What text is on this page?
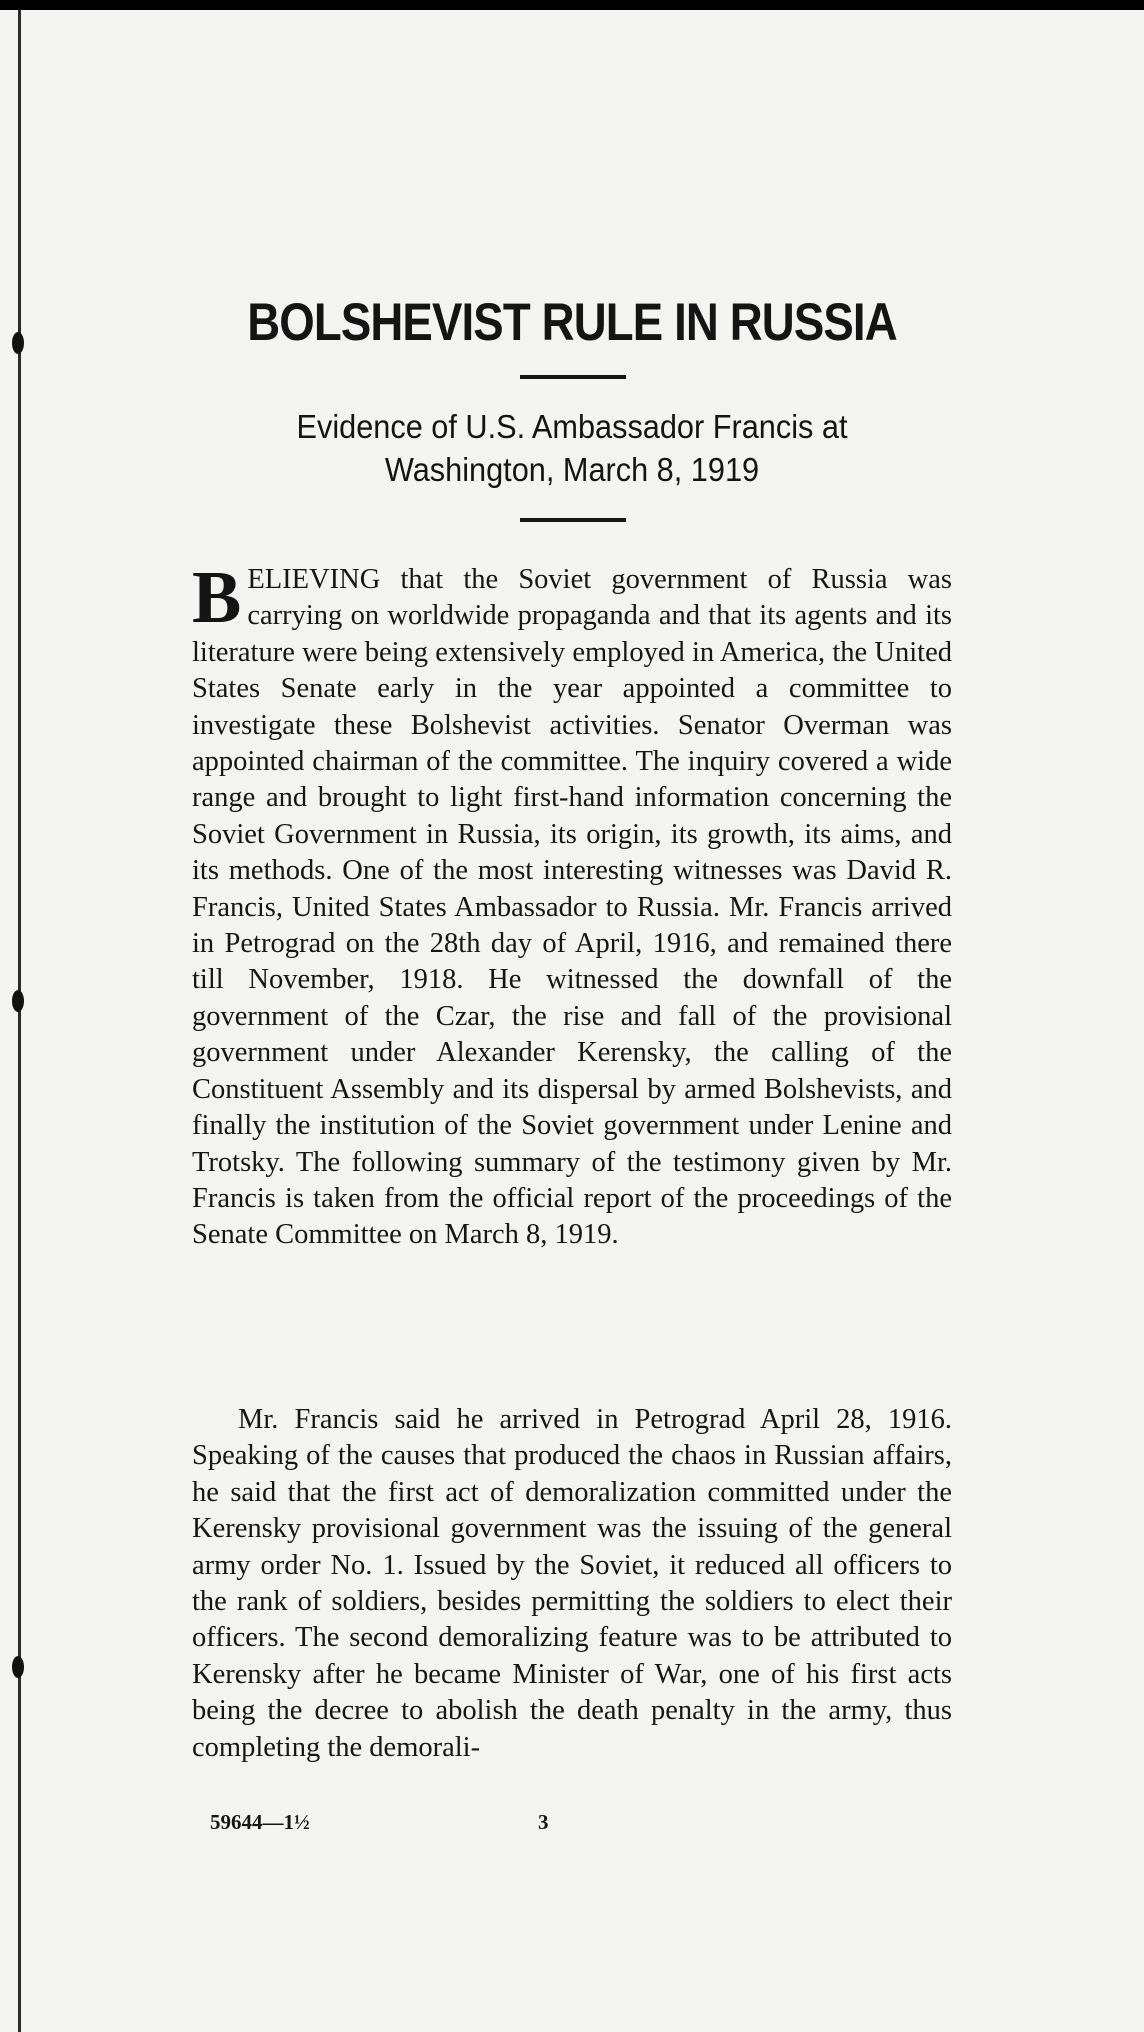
BOLSHEVIST RULE IN RUSSIA
Evidence of U.S. Ambassador Francis at
Washington, March 8, 1919

BELIEVING that the Soviet government of Russia was carrying on worldwide propaganda and that its agents and its literature were being extensively employed in America, the United States Senate early in the year appointed a committee to investigate these Bolshevist activities. Senator Overman was appointed chairman of the committee. The inquiry covered a wide range and brought to light first-hand information concerning the Soviet Government in Russia, its origin, its growth, its aims, and its methods. One of the most interesting witnesses was David R. Francis, United States Ambassador to Russia. Mr. Francis arrived in Petrograd on the 28th day of April, 1916, and remained there till November, 1918. He witnessed the downfall of the government of the Czar, the rise and fall of the provisional government under Alexander Kerensky, the calling of the Constituent Assembly and its dispersal by armed Bolshevists, and finally the institution of the Soviet government under Lenine and Trotsky. The following summary of the testimony given by Mr. Francis is taken from the official report of the proceedings of the Senate Committee on March 8, 1919.

Mr. Francis said he arrived in Petrograd April 28, 1916. Speaking of the causes that produced the chaos in Russian affairs, he said that the first act of demoralization committed under the Kerensky provisional government was the issuing of the general army order No. 1. Issued by the Soviet, it reduced all officers to the rank of soldiers, besides permitting the soldiers to elect their officers. The second demoralizing feature was to be attributed to Kerensky after he became Minister of War, one of his first acts being the decree to abolish the death penalty in the army, thus completing the demorali-

59644—1½	3
